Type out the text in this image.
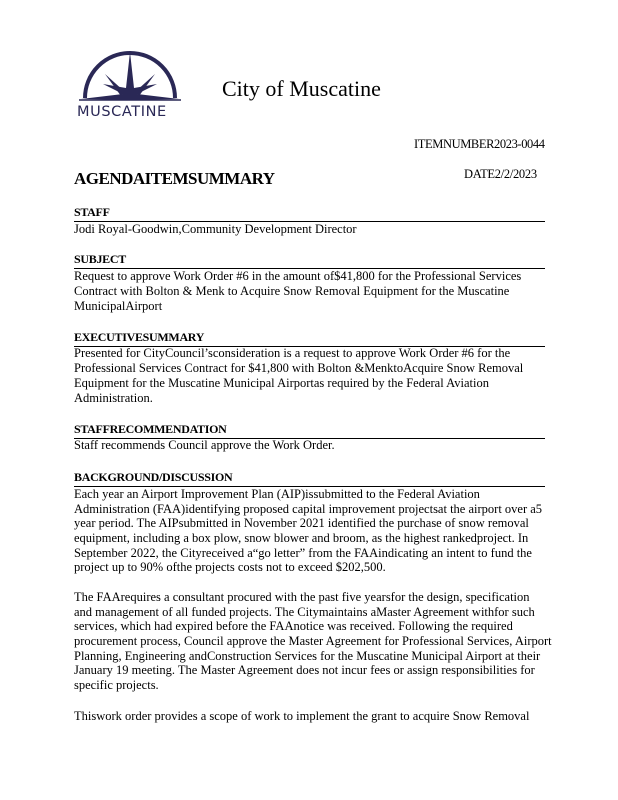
MUSCATINE
City of Muscatine
ITEMNUMBER2023-0044
DATE2/2/2023
AGENDAITEMSUMMARY
STAFF
Jodi Royal-Goodwin,Community Development Director
SUBJECT
Request to approve Work Order #6 in the amount of$41,800 for the Professional Services
Contract with Bolton & Menk to Acquire Snow Removal Equipment for the Muscatine
MunicipalAirport
EXECUTIVESUMMARY
Presented for CityCouncil’sconsideration is a request to approve Work Order #6 for the
Professional Services Contract for $41,800 with Bolton &MenktoAcquire Snow Removal
Equipment for the Muscatine Municipal Airportas required by the Federal Aviation
Administration.
STAFFRECOMMENDATION
Staff recommends Council approve the Work Order.
BACKGROUND/DISCUSSION
Each year an Airport Improvement Plan (AIP)issubmitted to the Federal Aviation
Administration (FAA)identifying proposed capital improvement projectsat the airport over a5
year period. The AIPsubmitted in November 2021 identified the purchase of snow removal
equipment, including a box plow, snow blower and broom, as the highest rankedproject. In
September 2022, the Cityreceived a“go letter” from the FAAindicating an intent to fund the
project up to 90% ofthe projects costs not to exceed $202,500.
The FAArequires a consultant procured with the past five yearsfor the design, specification
and management of all funded projects. The Citymaintains aMaster Agreement withfor such
services, which had expired before the FAAnotice was received. Following the required
procurement process, Council approve the Master Agreement for Professional Services, Airport
Planning, Engineering andConstruction Services for the Muscatine Municipal Airport at their
January 19 meeting. The Master Agreement does not incur fees or assign responsibilities for
specific projects.
Thiswork order provides a scope of work to implement the grant to acquire Snow Removal
